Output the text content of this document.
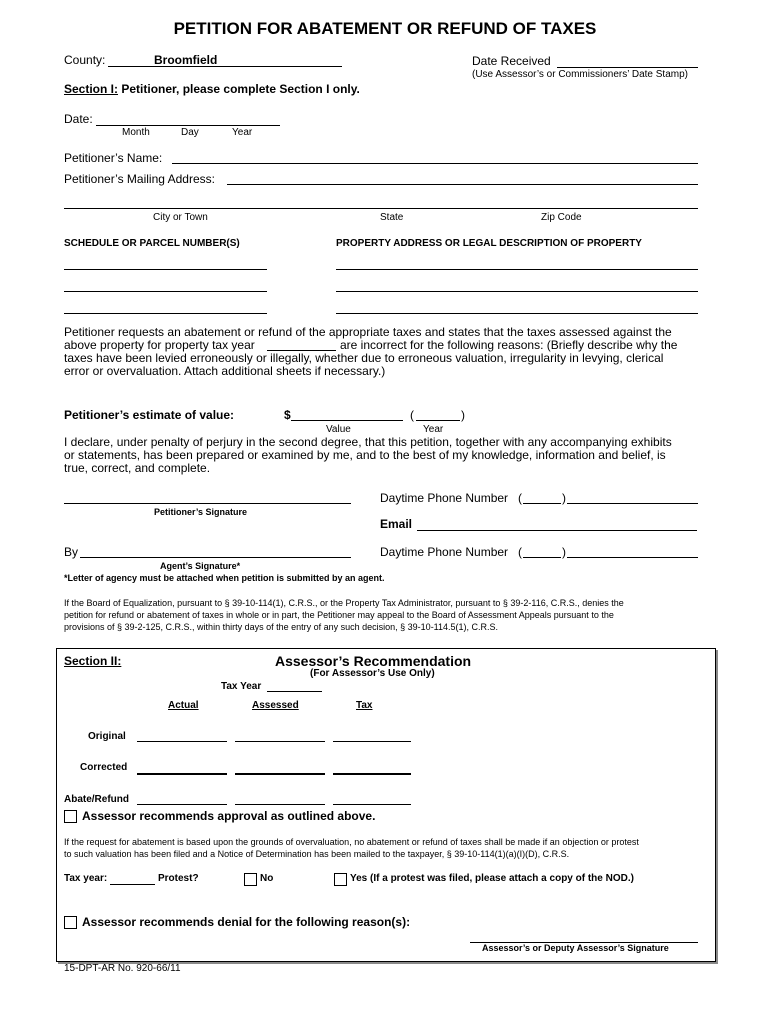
PETITION FOR ABATEMENT OR REFUND OF TAXES
County:	Broomfield	Date Received
(Use Assessor’s or Commissioners’ Date Stamp)
Section I: Petitioner, please complete Section I only.
Date:
Month	Day	Year
Petitioner’s Name:
Petitioner’s Mailing Address:
City or Town	State	Zip Code
SCHEDULE OR PARCEL NUMBER(S)	PROPERTY ADDRESS OR LEGAL DESCRIPTION OF PROPERTY
Petitioner requests an abatement or refund of the appropriate taxes and states that the taxes assessed against the
above property for property tax year	are incorrect for the following reasons: (Briefly describe why the
taxes have been levied erroneously or illegally, whether due to erroneous valuation, irregularity in levying, clerical
error or overvaluation. Attach additional sheets if necessary.)
Petitioner’s estimate of value:	$	(	)
Value	Year
I declare, under penalty of perjury in the second degree, that this petition, together with any accompanying exhibits
or statements, has been prepared or examined by me, and to the best of my knowledge, information and belief, is
true, correct, and complete.
Petitioner’s Signature
Daytime Phone Number (	)
Email
By
Agent’s Signature*
Daytime Phone Number (	)
*Letter of agency must be attached when petition is submitted by an agent.
If the Board of Equalization, pursuant to § 39-10-114(1), C.R.S., or the Property Tax Administrator, pursuant to § 39-2-116, C.R.S., denies the
petition for refund or abatement of taxes in whole or in part, the Petitioner may appeal to the Board of Assessment Appeals pursuant to the
provisions of § 39-2-125, C.R.S., within thirty days of the entry of any such decision, § 39-10-114.5(1), C.R.S.
Section II:	Assessor’s Recommendation
(For Assessor’s Use Only)
Tax Year
Actual	Assessed	Tax
Original
Corrected
Abate/Refund
Assessor recommends approval as outlined above.
If the request for abatement is based upon the grounds of overvaluation, no abatement or refund of taxes shall be made if an objection or protest
to such valuation has been filed and a Notice of Determination has been mailed to the taxpayer, § 39-10-114(1)(a)(I)(D), C.R.S.
Tax year:	Protest?	No	Yes (If a protest was filed, please attach a copy of the NOD.)
Assessor recommends denial for the following reason(s):
Assessor’s or Deputy Assessor’s Signature
15-DPT-AR No. 920-66/11
